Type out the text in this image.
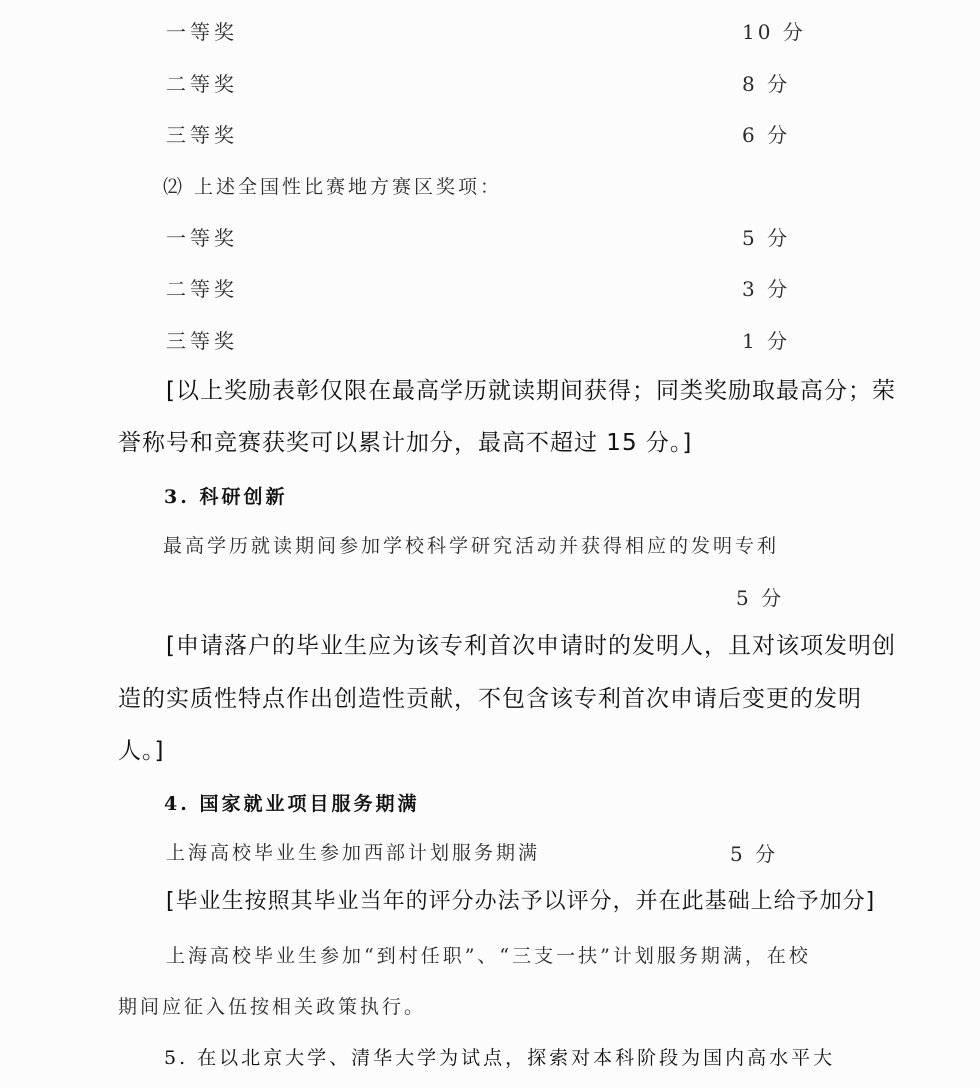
一等奖	10 分
二等奖	8 分
三等奖	6 分
⑵ 上述全国性比赛地方赛区奖项：
一等奖	5 分
二等奖	3 分
三等奖	1 分
[以上奖励表彰仅限在最高学历就读期间获得；同类奖励取最高分；荣
誉称号和竞赛获奖可以累计加分，最高不超过 15 分。]
3. 科研创新
最高学历就读期间参加学校科学研究活动并获得相应的发明专利
5 分
[申请落户的毕业生应为该专利首次申请时的发明人，且对该项发明创
造的实质性特点作出创造性贡献，不包含该专利首次申请后变更的发明
人。]
4. 国家就业项目服务期满
上海高校毕业生参加西部计划服务期满	5 分
[毕业生按照其毕业当年的评分办法予以评分，并在此基础上给予加分]
上海高校毕业生参加“到村任职”、“三支一扶”计划服务期满，在校
期间应征入伍按相关政策执行。
5. 在以北京大学、清华大学为试点，探索对本科阶段为国内高水平大
